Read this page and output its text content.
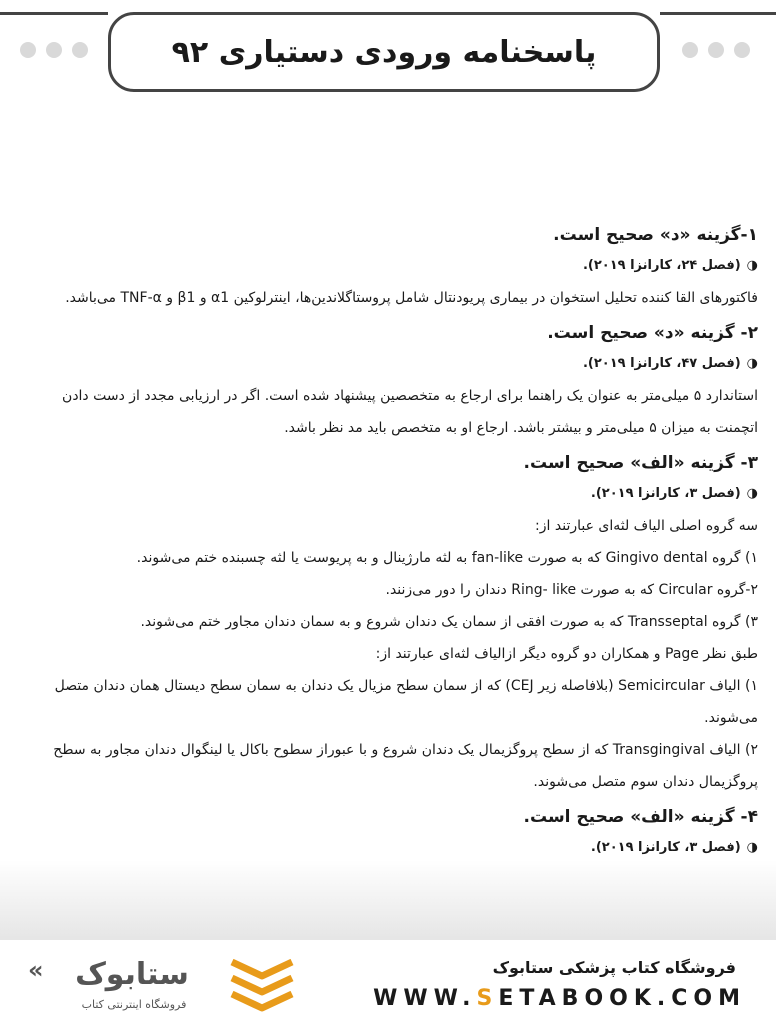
پاسخنامه ورودی دستیاری ۹۲

۱-گزینه «د» صحیح است.

◑(فصل ۲۴، کارانزا ۲۰۱۹).

فاکتورهای القا کننده تحلیل استخوان در بیماری پریودنتال شامل پروستاگلاندین‌ها، اینترلوکین α1 و β1 و TNF-α می‌باشد.

۲- گزینه «د» صحیح است.

◑(فصل ۴۷، کارانزا ۲۰۱۹).

استاندارد ۵ میلی‌متر به عنوان یک راهنما برای ارجاع به متخصصین پیشنهاد شده است. اگر در ارزیابی مجدد از دست دادن اتچمنت به میزان ۵ میلی‌متر و بیشتر باشد. ارجاع او به متخصص باید مد نظر باشد.

۳- گزینه «الف» صحیح است.

◑(فصل ۳، کارانزا ۲۰۱۹).

سه گروه اصلی الیاف لثه‌ای عبارتند از:

۱) گروه Gingivo dental که به صورت fan-like به لثه مارژینال و به پریوست یا لثه چسبنده ختم می‌شوند.

۲-گروه Circular که به صورت Ring- like دندان را دور می‌زنند.

۳) گروه Transseptal که به صورت افقی از سمان یک دندان شروع و به سمان دندان مجاور ختم می‌شوند.

طبق نظر Page و همکاران دو گروه دیگر ازالیاف لثه‌ای عبارتند از:

۱) الیاف Semicircular (بلافاصله زیر CEJ) که از سمان سطح مزیال یک دندان به سمان سطح دیستال همان دندان متصل می‌شوند.

۲) الیاف Transgingival که از سطح پروگزیمال یک دندان شروع و با عبوراز سطوح باکال یا لینگوال دندان مجاور به سطح پروگزیمال دندان سوم متصل می‌شوند.

۴- گزینه «الف» صحیح است.

◑(فصل ۳، کارانزا ۲۰۱۹).

« ستابوک
فروشگاه اینترنتی کتاب
فروشگاه کتاب پزشکی ستابوک
WWW.SETABOOK.COM
